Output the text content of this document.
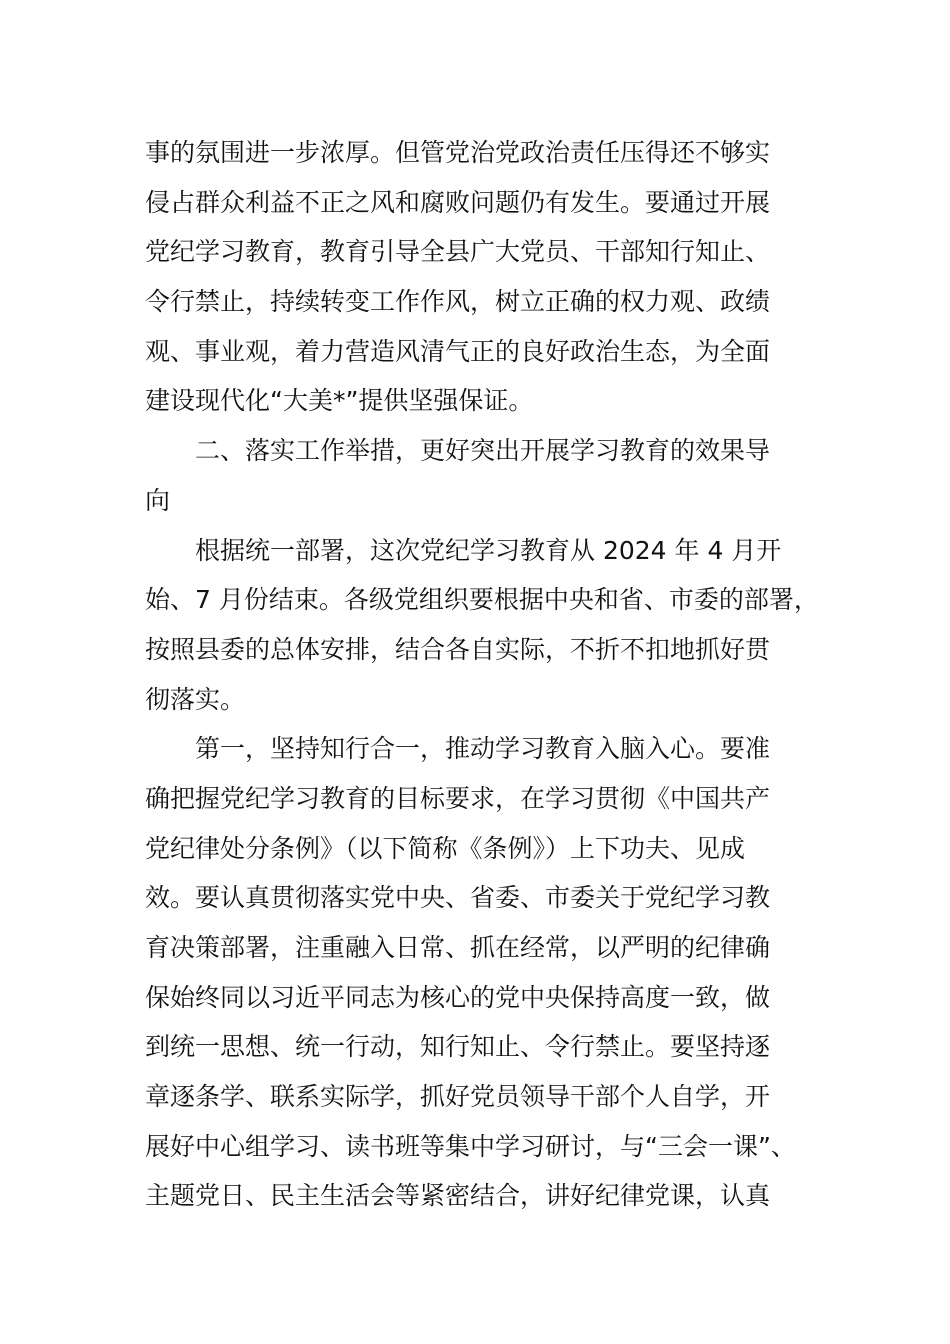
事的氛围进一步浓厚。但管党治党政治责任压得还不够实
侵占群众利益不正之风和腐败问题仍有发生。要通过开展
党纪学习教育，教育引导全县广大党员、干部知行知止、
令行禁止，持续转变工作作风，树立正确的权力观、政绩
观、事业观，着力营造风清气正的良好政治生态，为全面
建设现代化“大美*”提供坚强保证。
二、落实工作举措，更好突出开展学习教育的效果导
向
根据统一部署，这次党纪学习教育从 2024 年 4 月开
始、7 月份结束。各级党组织要根据中央和省、市委的部署，
按照县委的总体安排，结合各自实际，不折不扣地抓好贯
彻落实。
第一，坚持知行合一，推动学习教育入脑入心。要准
确把握党纪学习教育的目标要求，在学习贯彻《中国共产
党纪律处分条例》（以下简称《条例》）上下功夫、见成
效。要认真贯彻落实党中央、省委、市委关于党纪学习教
育决策部署，注重融入日常、抓在经常，以严明的纪律确
保始终同以习近平同志为核心的党中央保持高度一致，做
到统一思想、统一行动，知行知止、令行禁止。要坚持逐
章逐条学、联系实际学，抓好党员领导干部个人自学，开
展好中心组学习、读书班等集中学习研讨，与“三会一课”、
主题党日、民主生活会等紧密结合，讲好纪律党课，认真
